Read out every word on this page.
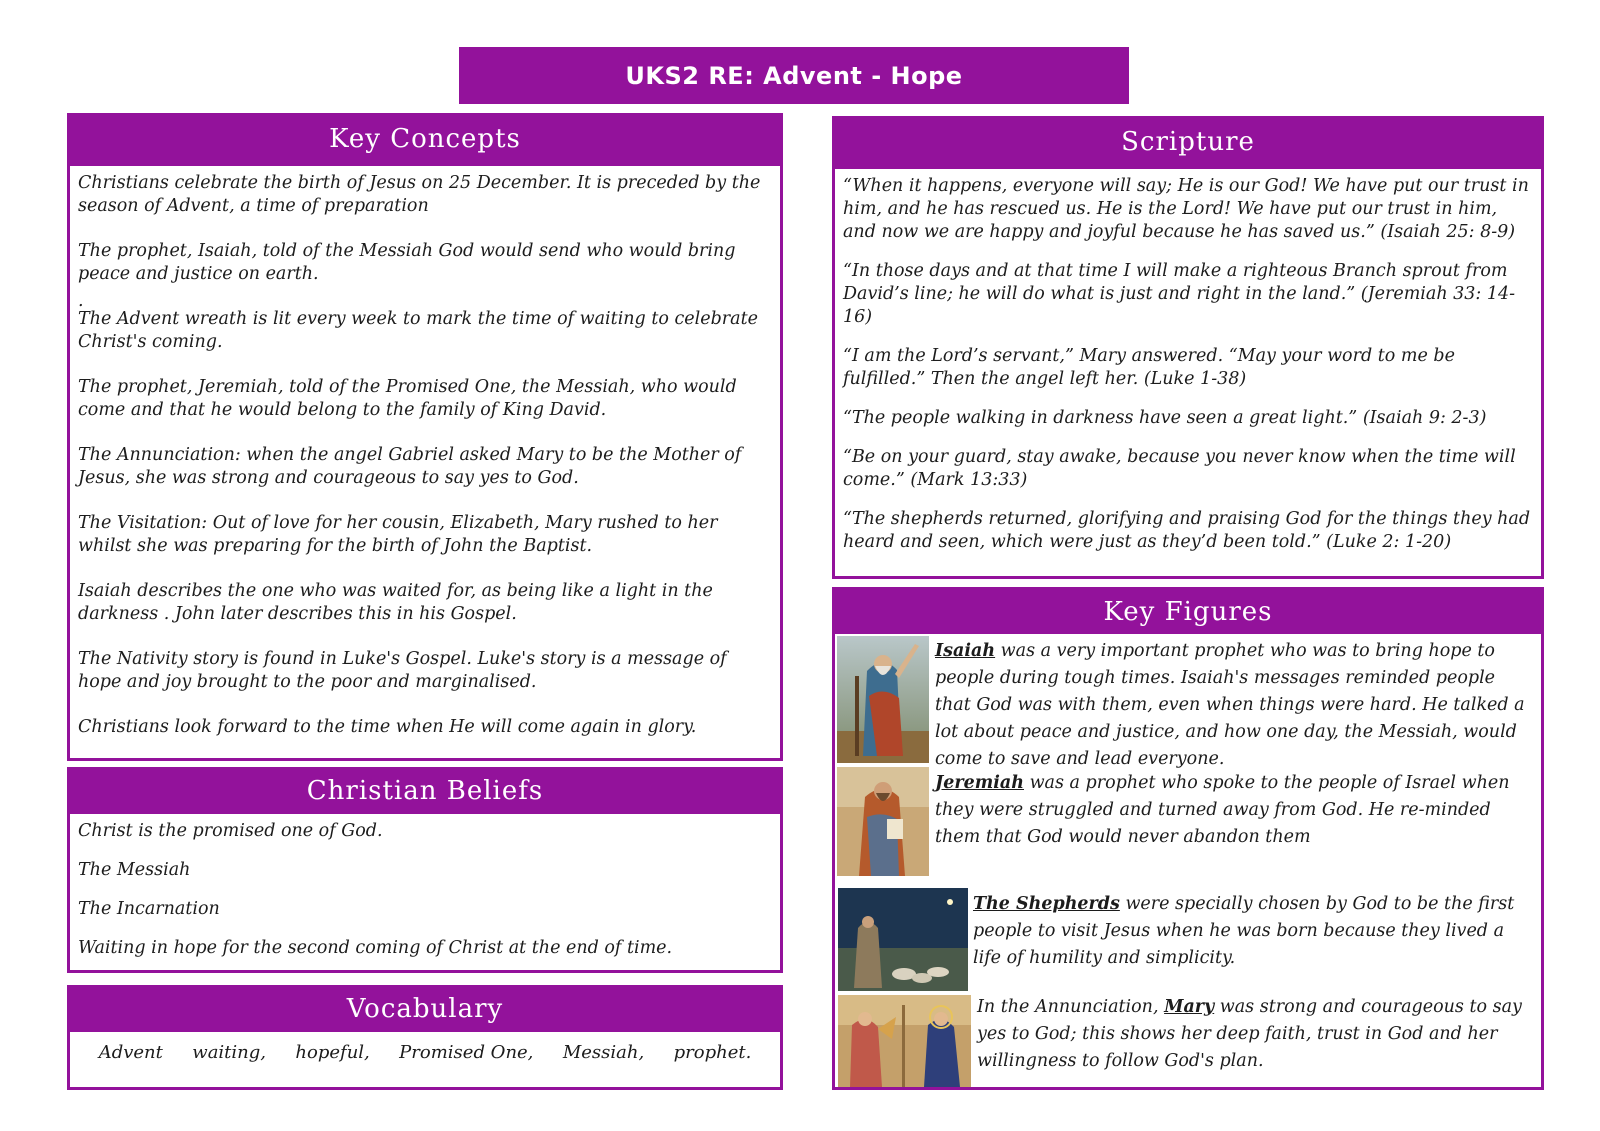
UKS2 RE: Advent - Hope
Key Concepts

Christians celebrate the birth of Jesus on 25 December. It is preceded by the season of Advent, a time of preparation

The prophet, Isaiah, told of the Messiah God would send who would bring peace and justice on earth.

.

The Advent wreath is lit every week to mark the time of waiting to celebrate Christ's coming.

The prophet, Jeremiah, told of the Promised One, the Messiah, who would come and that he would belong to the family of King David.

The Annunciation: when the angel Gabriel asked Mary to be the Mother of Jesus, she was strong and courageous to say yes to God.

The Visitation: Out of love for her cousin, Elizabeth, Mary rushed to her whilst she was preparing for the birth of John the Baptist.

Isaiah describes the one who was waited for, as being like a light in the darkness . John later describes this in his Gospel.

The Nativity story is found in Luke's Gospel. Luke's story is a message of hope and joy brought to the poor and marginalised.

Christians look forward to the time when He will come again in glory.

Christian Beliefs

Christ is the promised one of God.

The Messiah

The Incarnation

Waiting in hope for the second coming of Christ at the end of time.

Vocabulary
Advent waiting, hopeful, Promised One, Messiah, prophet.
Scripture

“When it happens, everyone will say; He is our God! We have put our trust in him, and he has rescued us. He is the Lord! We have put our trust in him, and now we are happy and joyful because he has saved us.” (Isaiah 25: 8-9)

“In those days and at that time I will make a righteous Branch sprout from David’s line; he will do what is just and right in the land.” (Jeremiah 33: 14-16)

“I am the Lord’s servant,” Mary answered. “May your word to me be fulfilled.” Then the angel left her. (Luke 1-38)

“The people walking in darkness have seen a great light.” (Isaiah 9: 2-3)

“Be on your guard, stay awake, because you never know when the time will come.” (Mark 13:33)

“The shepherds returned, glorifying and praising God for the things they had heard and seen, which were just as they’d been told.” (Luke 2: 1-20)

Key Figures

Isaiah was a very important prophet who was to bring hope to people during tough times. Isaiah's messages reminded people that God was with them, even when things were hard. He talked a lot about peace and justice, and how one day, the Messiah, would come to save and lead everyone.

Jeremiah was a prophet who spoke to the people of Israel when they were struggled and turned away from God. He re-minded them that God would never abandon them

The Shepherds were specially chosen by God to be the first people to visit Jesus when he was born because they lived a life of humility and simplicity.

In the Annunciation, Mary was strong and courageous to say yes to God; this shows her deep faith, trust in God and her willingness to follow God's plan.
